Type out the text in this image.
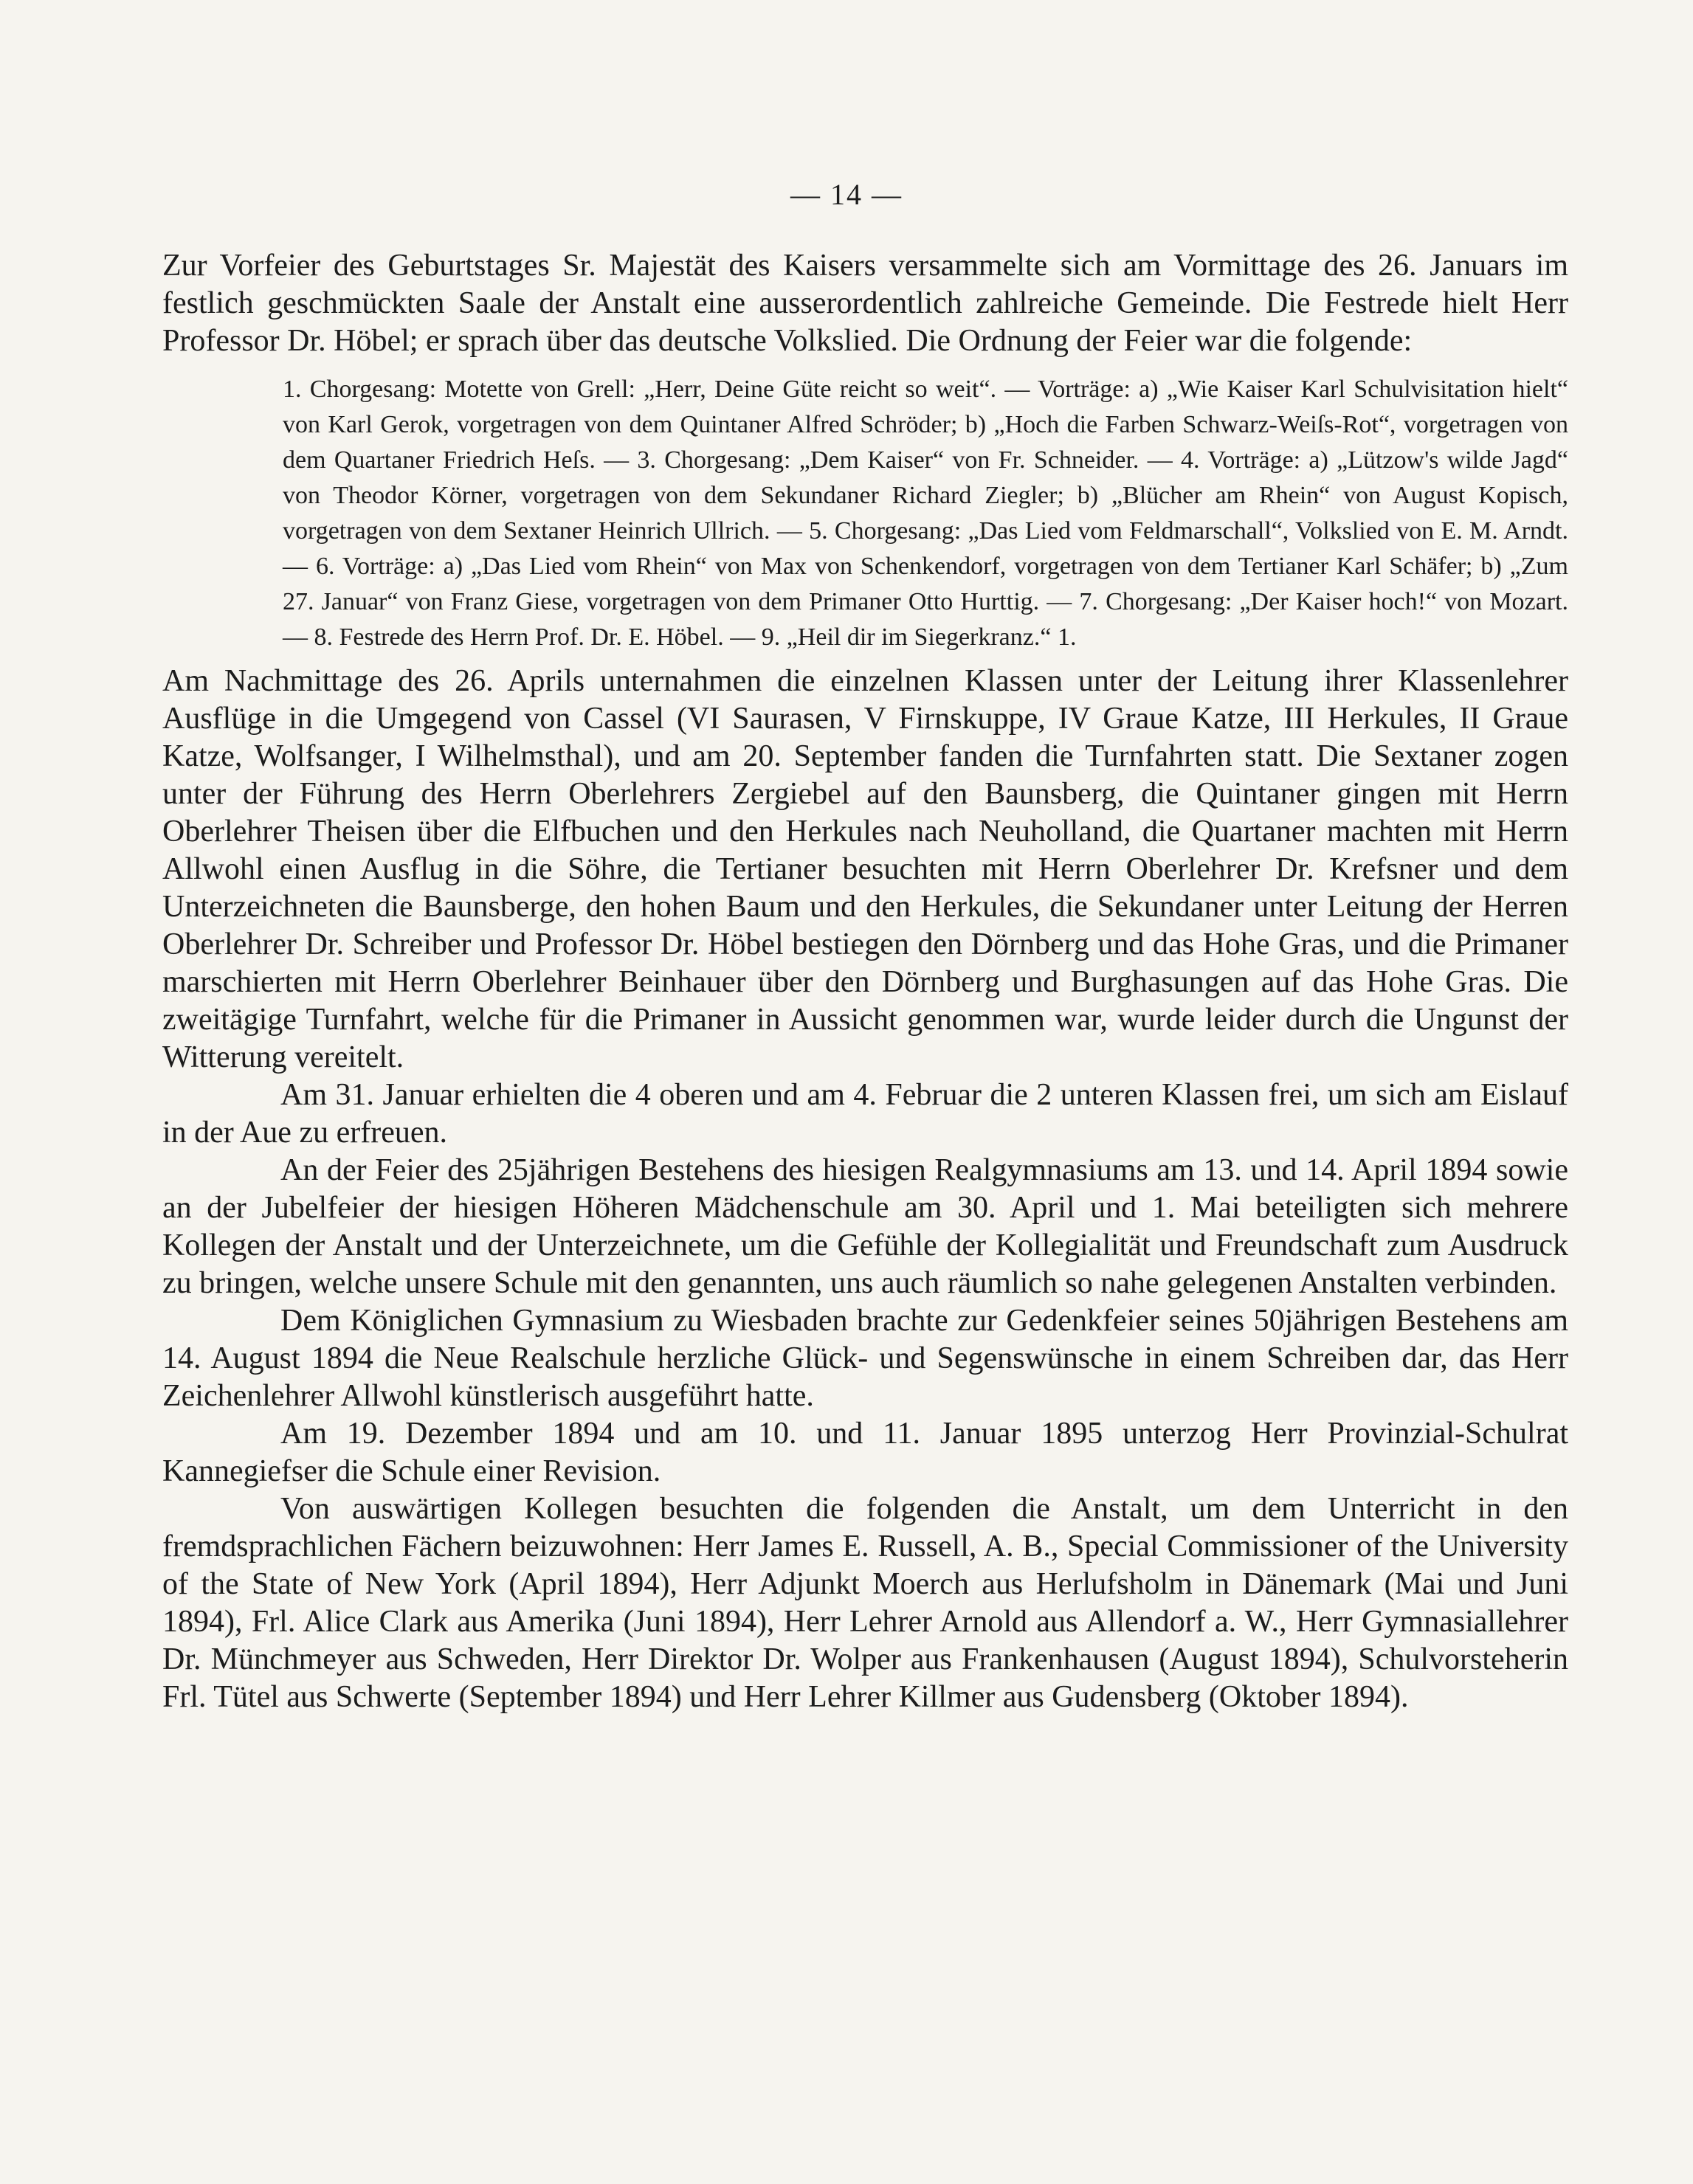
— 14 —

Zur Vorfeier des Geburtstages Sr. Majestät des Kaisers versammelte sich am Vormittage des 26. Januars im festlich geschmückten Saale der Anstalt eine ausserordentlich zahlreiche Gemeinde. Die Festrede hielt Herr Professor Dr. Höbel; er sprach über das deutsche Volkslied. Die Ordnung der Feier war die folgende:

1. Chorgesang: Motette von Grell: „Herr, Deine Güte reicht so weit“. — Vorträge: a) „Wie Kaiser Karl Schulvisitation hielt“ von Karl Gerok, vorgetragen von dem Quintaner Alfred Schröder; b) „Hoch die Farben Schwarz-Weiſs-Rot“, vorgetragen von dem Quartaner Friedrich Heſs. — 3. Chorgesang: „Dem Kaiser“ von Fr. Schneider. — 4. Vorträge: a) „Lützow's wilde Jagd“ von Theodor Körner, vorgetragen von dem Sekundaner Richard Ziegler; b) „Blücher am Rhein“ von August Kopisch, vorgetragen von dem Sextaner Heinrich Ullrich. — 5. Chorgesang: „Das Lied vom Feldmarschall“, Volkslied von E. M. Arndt. — 6. Vorträge: a) „Das Lied vom Rhein“ von Max von Schenkendorf, vorgetragen von dem Tertianer Karl Schäfer; b) „Zum 27. Januar“ von Franz Giese, vorgetragen von dem Primaner Otto Hurttig. — 7. Chorgesang: „Der Kaiser hoch!“ von Mozart. — 8. Festrede des Herrn Prof. Dr. E. Höbel. — 9. „Heil dir im Siegerkranz.“ 1.

Am Nachmittage des 26. Aprils unternahmen die einzelnen Klassen unter der Leitung ihrer Klassenlehrer Ausflüge in die Umgegend von Cassel (VI Saurasen, V Firnskuppe, IV Graue Katze, III Herkules, II Graue Katze, Wolfsanger, I Wilhelmsthal), und am 20. September fanden die Turnfahrten statt. Die Sextaner zogen unter der Führung des Herrn Oberlehrers Zergiebel auf den Baunsberg, die Quintaner gingen mit Herrn Oberlehrer Theisen über die Elfbuchen und den Herkules nach Neuholland, die Quartaner machten mit Herrn Allwohl einen Ausflug in die Söhre, die Tertianer besuchten mit Herrn Oberlehrer Dr. Krefsner und dem Unterzeichneten die Baunsberge, den hohen Baum und den Herkules, die Sekundaner unter Leitung der Herren Oberlehrer Dr. Schreiber und Professor Dr. Höbel bestiegen den Dörnberg und das Hohe Gras, und die Primaner marschierten mit Herrn Oberlehrer Beinhauer über den Dörnberg und Burghasungen auf das Hohe Gras. Die zweitägige Turnfahrt, welche für die Primaner in Aussicht genommen war, wurde leider durch die Ungunst der Witterung vereitelt.

Am 31. Januar erhielten die 4 oberen und am 4. Februar die 2 unteren Klassen frei, um sich am Eislauf in der Aue zu erfreuen.

An der Feier des 25jährigen Bestehens des hiesigen Realgymnasiums am 13. und 14. April 1894 sowie an der Jubelfeier der hiesigen Höheren Mädchenschule am 30. April und 1. Mai beteiligten sich mehrere Kollegen der Anstalt und der Unterzeichnete, um die Gefühle der Kollegialität und Freundschaft zum Ausdruck zu bringen, welche unsere Schule mit den genannten, uns auch räumlich so nahe gelegenen Anstalten verbinden.

Dem Königlichen Gymnasium zu Wiesbaden brachte zur Gedenkfeier seines 50jährigen Bestehens am 14. August 1894 die Neue Realschule herzliche Glück- und Segenswünsche in einem Schreiben dar, das Herr Zeichenlehrer Allwohl künstlerisch ausgeführt hatte.

Am 19. Dezember 1894 und am 10. und 11. Januar 1895 unterzog Herr Provinzial-Schulrat Kannegiefser die Schule einer Revision.

Von auswärtigen Kollegen besuchten die folgenden die Anstalt, um dem Unterricht in den fremdsprachlichen Fächern beizuwohnen: Herr James E. Russell, A. B., Special Commissioner of the University of the State of New York (April 1894), Herr Adjunkt Moerch aus Herlufsholm in Dänemark (Mai und Juni 1894), Frl. Alice Clark aus Amerika (Juni 1894), Herr Lehrer Arnold aus Allendorf a. W., Herr Gymnasiallehrer Dr. Münchmeyer aus Schweden, Herr Direktor Dr. Wolper aus Frankenhausen (August 1894), Schulvorsteherin Frl. Tütel aus Schwerte (September 1894) und Herr Lehrer Killmer aus Gudensberg (Oktober 1894).
